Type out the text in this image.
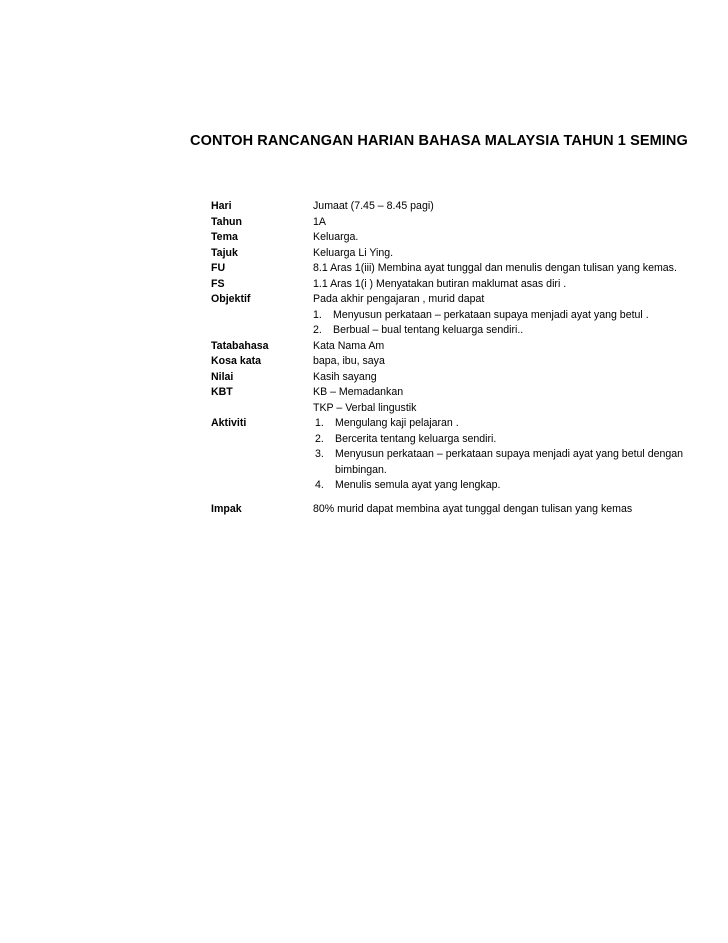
CONTOH RANCANGAN HARIAN BAHASA MALAYSIA TAHUN 1 SEMING
Hari	Jumaat (7.45 – 8.45 pagi)
Tahun	1A
Tema	Keluarga.
Tajuk	Keluarga Li Ying.
FU	8.1 Aras 1(iii) Membina ayat tunggal dan menulis dengan tulisan yang kemas.
FS	1.1 Aras 1(i ) Menyatakan butiran maklumat asas diri .
Objektif	Pada akhir pengajaran , murid dapat
1.	Menyusun perkataan – perkataan supaya menjadi ayat yang betul .
2.	Berbual – bual tentang keluarga sendiri..
Tatabahasa	Kata Nama Am
Kosa kata	bapa, ibu, saya
Nilai	Kasih sayang
KBT	KB – Memadankan
TKP – Verbal lingustik
Aktiviti	1.	Mengulang kaji pelajaran .
2.	Bercerita tentang keluarga sendiri.
3.	Menyusun perkataan – perkataan supaya menjadi ayat yang betul dengan bimbingan.
4.	Menulis semula ayat yang lengkap.
Impak	80% murid dapat membina ayat tunggal dengan tulisan yang kemas
